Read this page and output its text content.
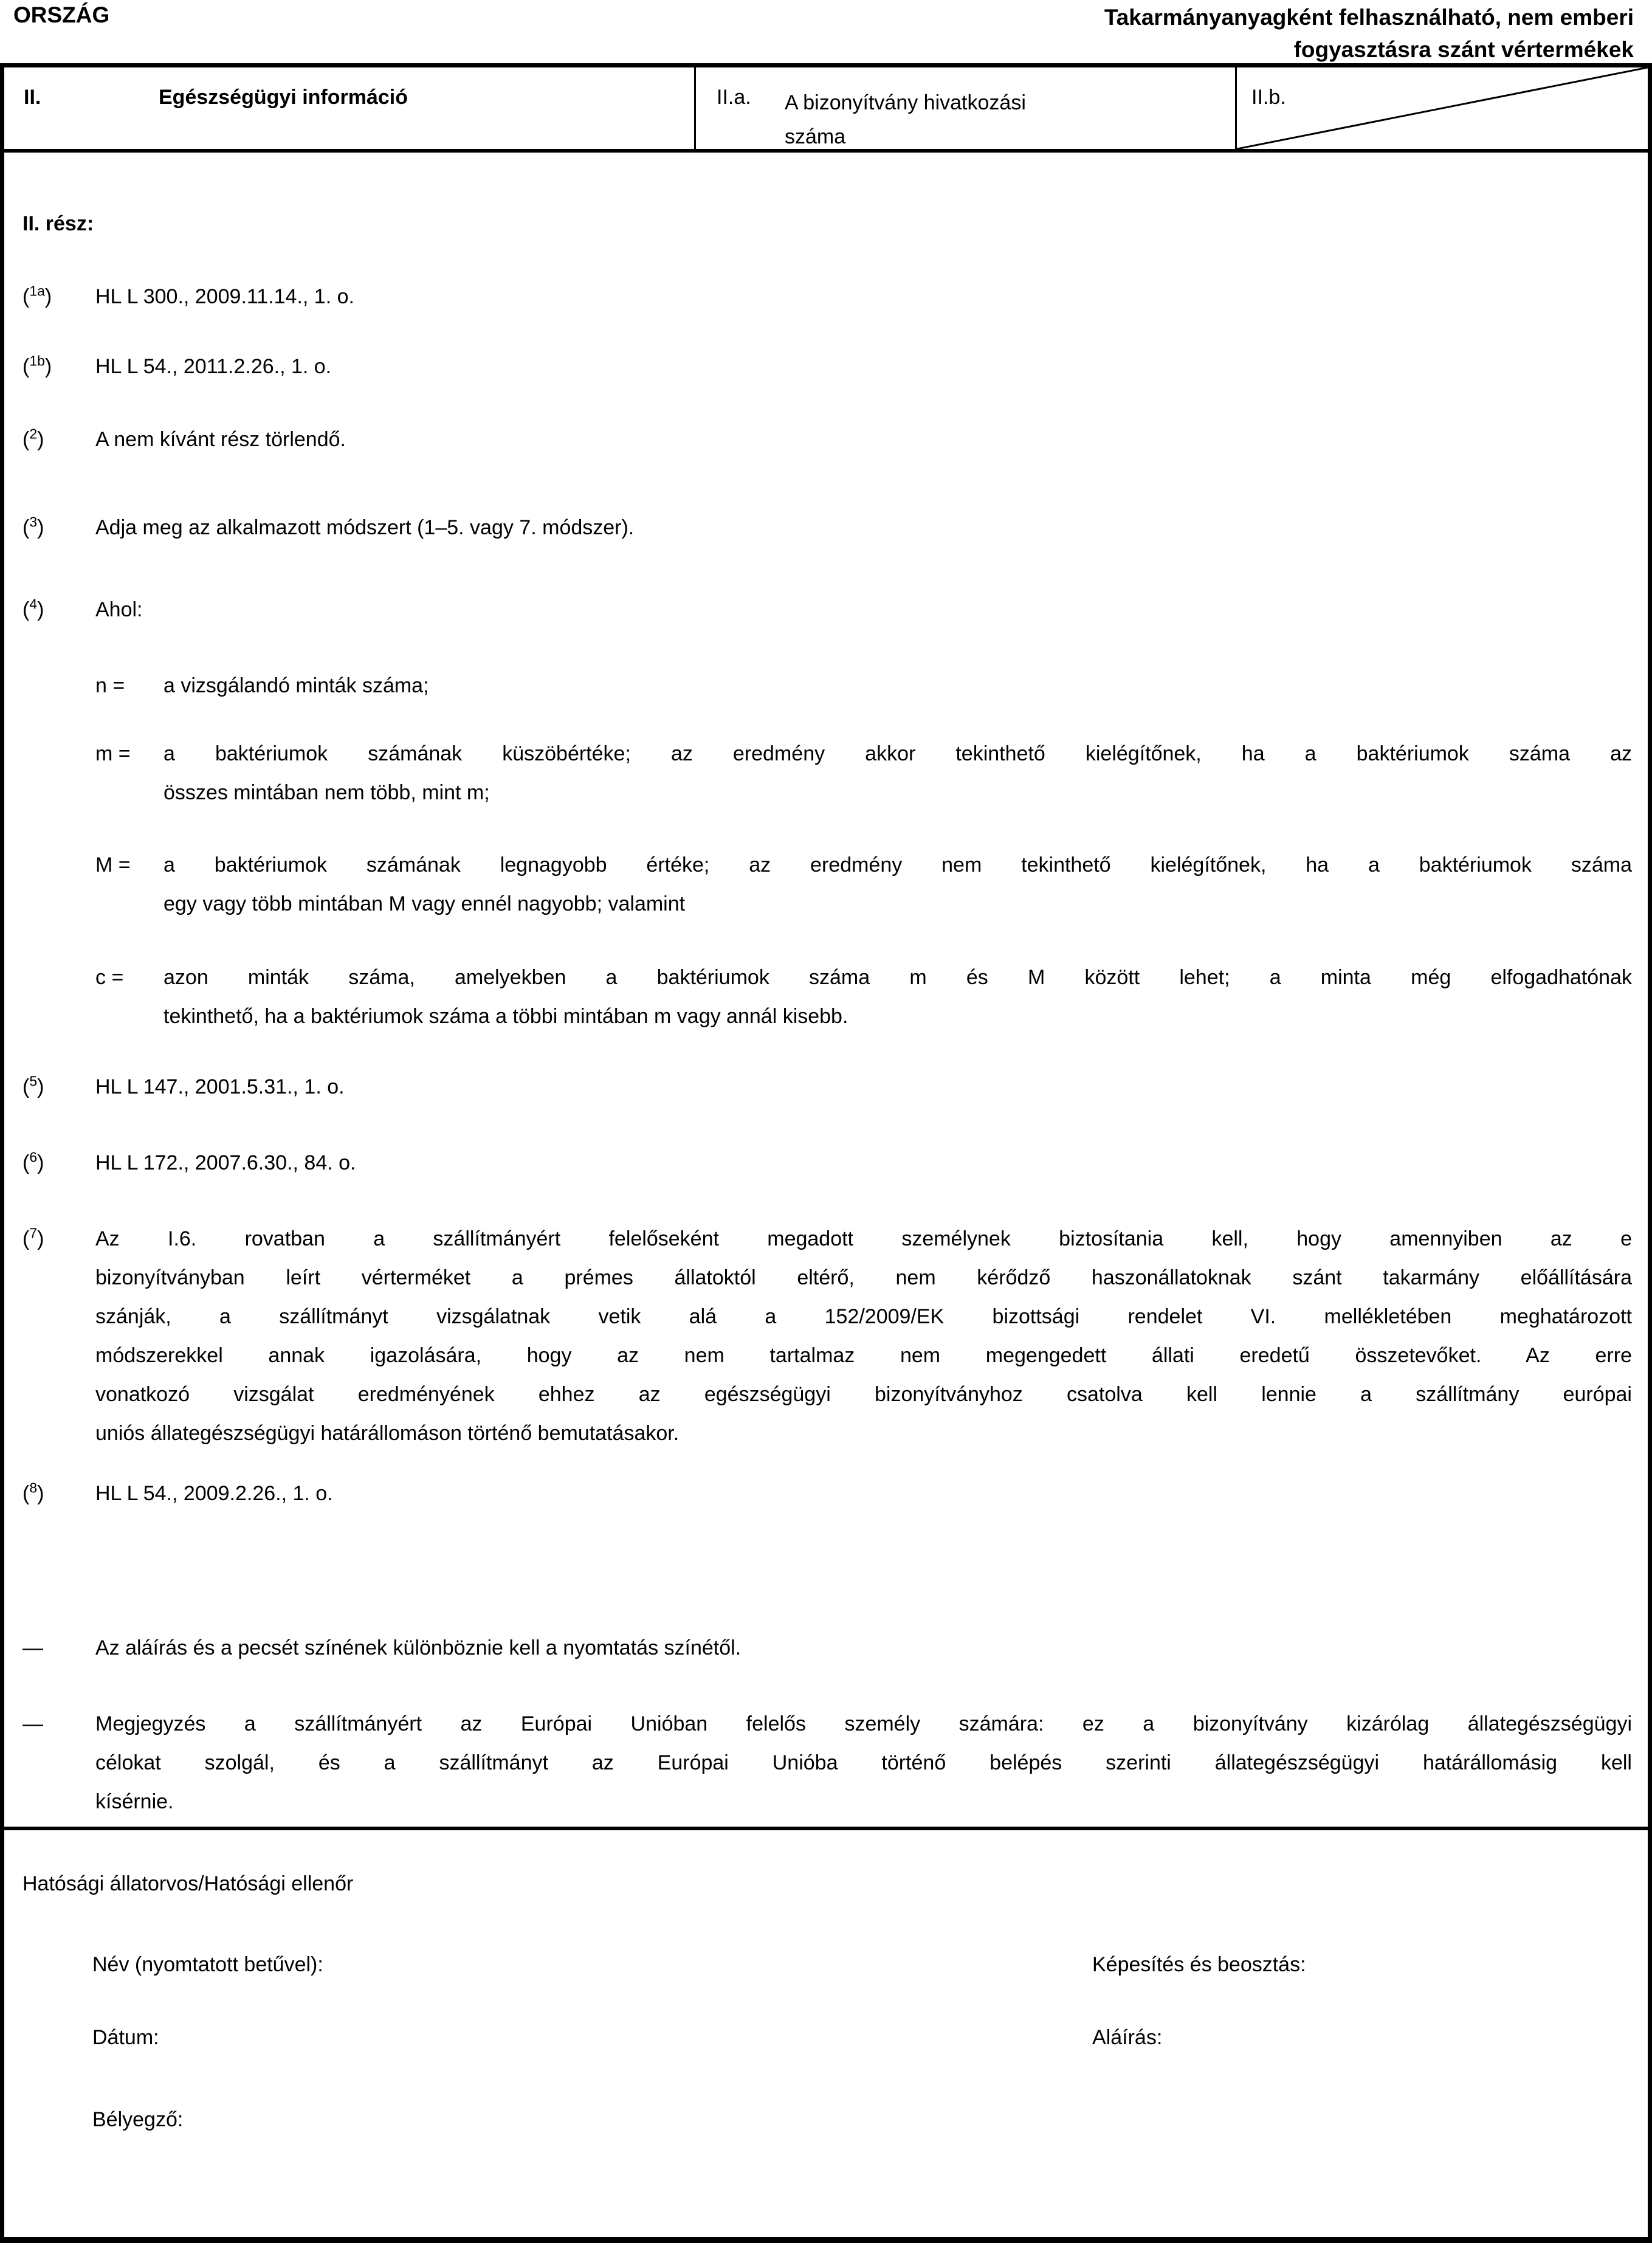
ORSZÁG	Takarmányanyagként felhasználható, nem emberi
fogyasztásra szánt vértermékek
II.	Egészségügyi információ	II.a. A bizonyítvány hivatkozási száma
II.b.
II. rész:
($^{1a}$)	HL L 300., 2009.11.14., 1. o.
($^{1b}$)	HL L 54., 2011.2.26., 1. o.
($^2$)	A nem kívánt rész törlendő.
($^3$)	Adja meg az alkalmazott módszert (1–5. vagy 7. módszer).
($^4$)	Ahol:
n =	a vizsgálandó minták száma;
m =	a baktériumok számának küszöbértéke; az eredmény akkor tekinthető kielégítőnek, ha a baktériumok száma az
összes mintában nem több, mint m;
M =	a baktériumok számának legnagyobb értéke; az eredmény nem tekinthető kielégítőnek, ha a baktériumok száma
egy vagy több mintában M vagy ennél nagyobb; valamint
c =	azon minták száma, amelyekben a baktériumok száma m és M között lehet; a minta még elfogadhatónak
tekinthető, ha a baktériumok száma a többi mintában m vagy annál kisebb.
($^5$)	HL L 147., 2001.5.31., 1. o.
($^6$)	HL L 172., 2007.6.30., 84. o.
($^7$)	Az I.6. rovatban a szállítmányért felelőseként megadott személynek biztosítania kell, hogy amennyiben az e
bizonyítványban leírt vérterméket a prémes állatoktól eltérő, nem kérődző haszonállatoknak szánt takarmány előállítására
szánják, a szállítmányt vizsgálatnak vetik alá a 152/2009/EK bizottsági rendelet VI. mellékletében meghatározott
módszerekkel annak igazolására, hogy az nem tartalmaz nem megengedett állati eredetű összetevőket. Az erre
vonatkozó vizsgálat eredményének ehhez az egészségügyi bizonyítványhoz csatolva kell lennie a szállítmány európai
uniós állategészségügyi határállomáson történő bemutatásakor.
($^8$)	HL L 54., 2009.2.26., 1. o.
—	Az aláírás és a pecsét színének különböznie kell a nyomtatás színétől.
—	Megjegyzés a szállítmányért az Európai Unióban felelős személy számára: ez a bizonyítvány kizárólag állategészségügyi
célokat szolgál, és a szállítmányt az Európai Unióba történő belépés szerinti állategészségügyi határállomásig kell
kísérnie.
Hatósági állatorvos/Hatósági ellenőr
Név (nyomtatott betűvel):	Képesítés és beosztás:
Dátum:	Aláírás:
Bélyegző:
